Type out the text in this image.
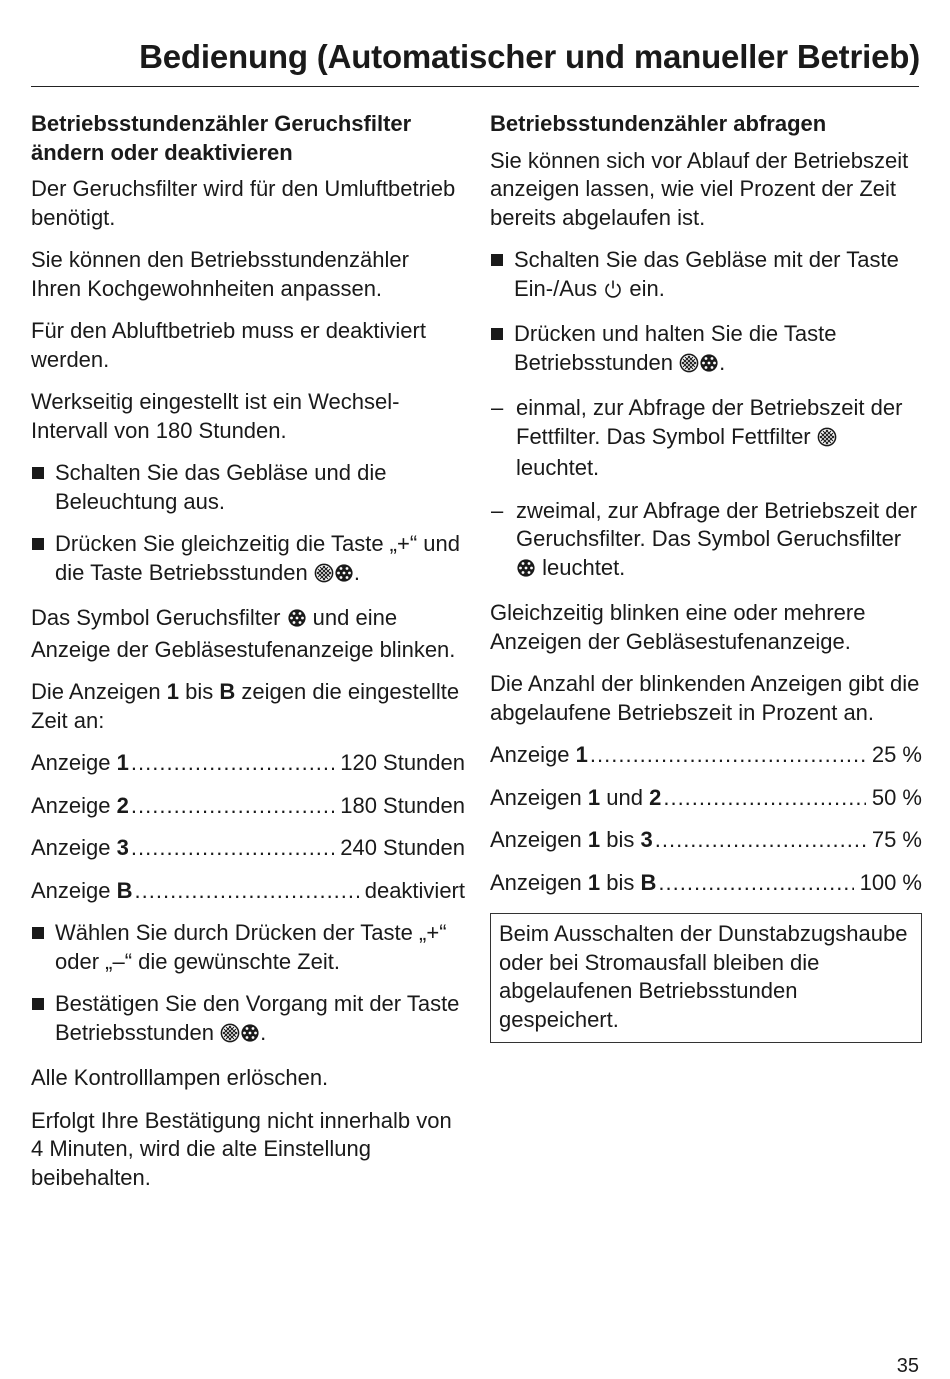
Bedienung (Automatischer und manueller Betrieb)

Betriebsstundenzähler Geruchsfilter ändern oder deaktivieren

Der Geruchsfilter wird für den Umluftbetrieb benötigt.

Sie können den Betriebsstundenzähler Ihren Kochgewohnheiten anpassen.

Für den Abluftbetrieb muss er deaktiviert werden.

Werkseitig eingestellt ist ein Wechsel-Intervall von 180 Stunden.

Schalten Sie das Gebläse und die Beleuchtung aus.
Drücken Sie gleichzeitig die Taste „+“ und die Taste Betriebsstunden .

Das Symbol Geruchsfilter und eine Anzeige der Gebläsestufenanzeige blinken.

Die Anzeigen 1 bis B zeigen die eingestellte Zeit an:

Anzeige 1 .....	120 Stunden
Anzeige 2 .....	180 Stunden
Anzeige 3 .....	240 Stunden
Anzeige B .....	deaktiviert
Wählen Sie durch Drücken der Taste „+“ oder „–“ die gewünschte Zeit.
Bestätigen Sie den Vorgang mit der Taste Betriebsstunden .

Alle Kontrolllampen erlöschen.

Erfolgt Ihre Bestätigung nicht innerhalb von 4 Minuten, wird die alte Einstellung beibehalten.

Betriebsstundenzähler abfragen

Sie können sich vor Ablauf der Betriebszeit anzeigen lassen, wie viel Prozent der Zeit bereits abgelaufen ist.

Schalten Sie das Gebläse mit der Taste Ein-/Aus ein.
Drücken und halten Sie die Taste Betriebsstunden .
– einmal, zur Abfrage der Betriebszeit der Fettfilter. Das Symbol Fettfilter  leuchtet.
– zweimal, zur Abfrage der Betriebszeit der Geruchsfilter. Das Symbol Geruchsfilter  leuchtet.

Gleichzeitig blinken eine oder mehrere Anzeigen der Gebläsestufenanzeige.

Die Anzahl der blinkenden Anzeigen gibt die abgelaufene Betriebszeit in Prozent an.

Anzeige 1 .....	25 %
Anzeigen 1 und 2 .....	50 %
Anzeigen 1 bis 3 .....	75 %
Anzeigen 1 bis B .....	100 %
Beim Ausschalten der Dunstabzugshaube oder bei Stromausfall bleiben die abgelaufenen Betriebsstunden gespeichert.
35
